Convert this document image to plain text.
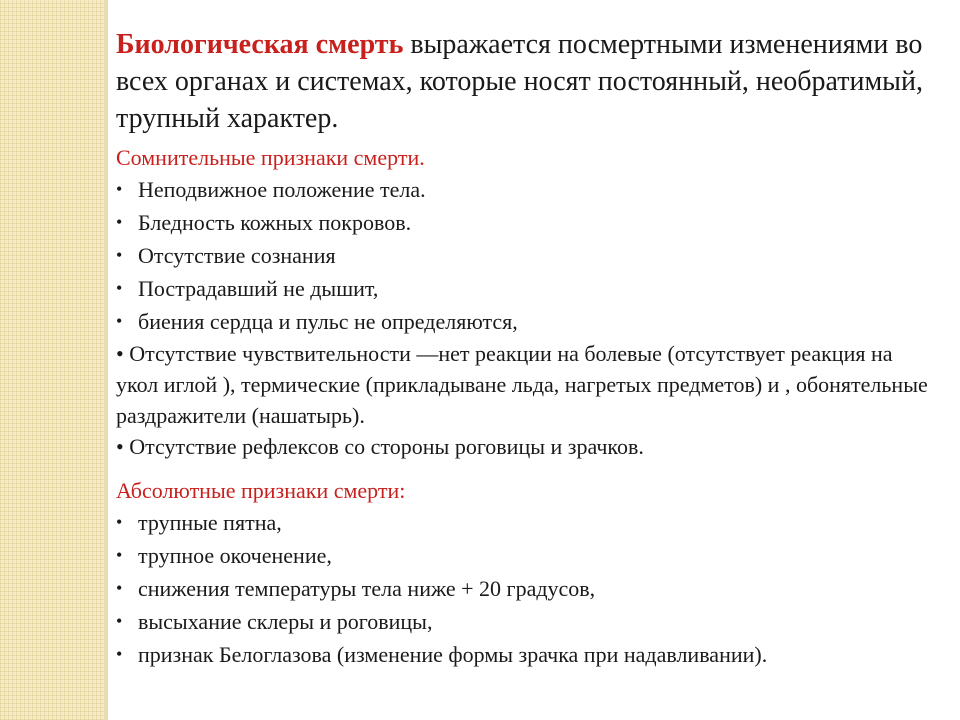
Биологическая смерть выражается посмертными изменениями во всех органах и системах, которые носят постоянный, необратимый, трупный характер.

Сомнительные признаки смерти.

• Неподвижное положение тела.
• Бледность кожных покровов.
• Отсутствие сознания
• Пострадавший не дышит,
• биения сердца и пульс не определяются,

• Отсутствие чувствительности —нет реакции на болевые (отсутствует реакция на укол иглой ), термические (прикладыване льда, нагретых предметов) и , обонятельные раздражители (нашатырь).

• Отсутствие рефлексов со стороны роговицы и зрачков.

Абсолютные признаки смерти:

• трупные пятна,
• трупное окоченение,
• снижения температуры тела ниже + 20 градусов,
• высыхание склеры и роговицы,
• признак Белоглазова (изменение формы зрачка при надавливании).
